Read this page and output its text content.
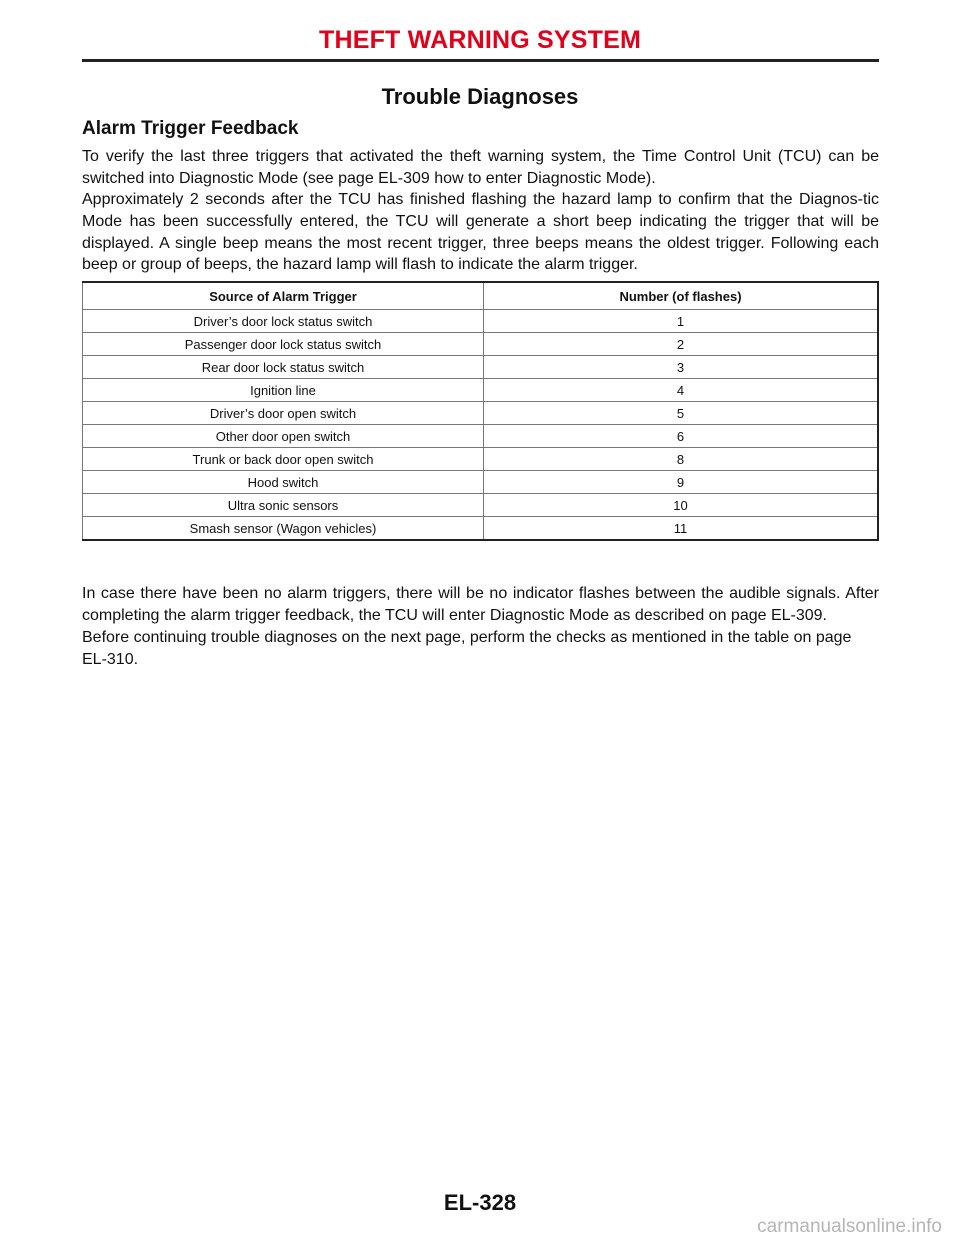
THEFT WARNING SYSTEM
Trouble Diagnoses
Alarm Trigger Feedback

To verify the last three triggers that activated the theft warning system, the Time Control Unit (TCU) can be switched into Diagnostic Mode (see page EL-309 how to enter Diagnostic Mode).

Approximately 2 seconds after the TCU has finished flashing the hazard lamp to confirm that the Diagnos-tic Mode has been successfully entered, the TCU will generate a short beep indicating the trigger that will be displayed. A single beep means the most recent trigger, three beeps means the oldest trigger. Following each beep or group of beeps, the hazard lamp will flash to indicate the alarm trigger.

Source of Alarm Trigger	Number (of flashes)
Driver’s door lock status switch	1
Passenger door lock status switch	2
Rear door lock status switch	3
Ignition line	4
Driver’s door open switch	5
Other door open switch	6
Trunk or back door open switch	8
Hood switch	9
Ultra sonic sensors	10
Smash sensor (Wagon vehicles)	11

In case there have been no alarm triggers, there will be no indicator flashes between the audible signals. After completing the alarm trigger feedback, the TCU will enter Diagnostic Mode as described on page EL-309.

Before continuing trouble diagnoses on the next page, perform the checks as mentioned in the table on page

EL-310.

EL-328
carmanualsonline.info
